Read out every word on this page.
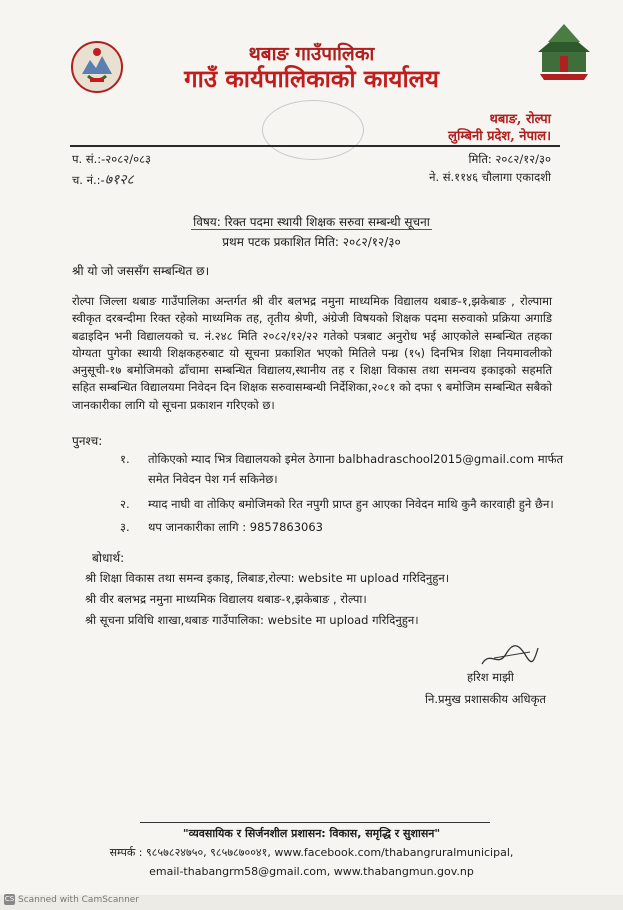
थबाङ गाउँपालिका
गाउँ कार्यपालिकाको कार्यालय
थबाङ, रोल्पा
लुम्बिनी प्रदेश, नेपाल।
प. सं.:-२०८२/०८३
च. नं.:-७१२८
मिति: २०८२/१२/३०
ने. सं.११४६ चौलागा एकादशी
विषय: रिक्त पदमा स्थायी शिक्षक सरुवा सम्बन्धी सूचना
प्रथम पटक प्रकाशित मिति: २०८२/१२/३०
श्री यो जो जससँग सम्बन्धित छ।
रोल्पा जिल्ला थबाङ गाउँपालिका अन्तर्गत श्री वीर बलभद्र नमुना माध्यमिक विद्यालय थबाङ-१,झकेबाङ , रोल्पामा स्वीकृत दरबन्दीमा रिक्त रहेको माध्यमिक तह, तृतीय श्रेणी, अंग्रेजी विषयको शिक्षक पदमा सरुवाको प्रक्रिया अगाडि बढाइदिन भनी विद्यालयको च. नं.२४८ मिति २०८२/१२/२२ गतेको पत्रबाट अनुरोध भई आएकोले सम्बन्धित तहका योग्यता पुगेका स्थायी शिक्षकहरुबाट यो सूचना प्रकाशित भएको मितिले पन्ध्र (१५) दिनभित्र शिक्षा नियमावलीको अनुसूची-१७ बमोजिमको ढाँचामा सम्बन्धित विद्यालय,स्थानीय तह र शिक्षा विकास तथा समन्वय इकाइको सहमति सहित सम्बन्धित विद्यालयमा निवेदन दिन शिक्षक सरुवासम्बन्धी निर्देशिका,२०८१ को दफा ९ बमोजिम सम्बन्धित सबैको जानकारीका लागि यो सूचना प्रकाशन गरिएको छ।
पुनश्च:
१. तोकिएको म्याद भित्र विद्यालयको इमेल ठेगाना balbhadraschool2015@gmail.com मार्फत
समेत निवेदन पेश गर्न सकिनेछ।
२. म्याद नाघी वा तोकिए बमोजिमको रित नपुगी प्राप्त हुन आएका निवेदन माथि कुनै कारवाही हुने छैन।
३. थप जानकारीका लागि : 9857863063
बोधार्थ:
श्री शिक्षा विकास तथा समन्व इकाइ, लिबाङ,रोल्पा: website मा upload गरिदिनुहुन।
श्री वीर बलभद्र नमुना माध्यमिक विद्यालय थबाङ-१,झकेबाङ , रोल्पा।
श्री सूचना प्रविधि शाखा,थबाङ गाउँपालिका: website मा upload गरिदिनुहुन।
हरिश माझी
नि.प्रमुख प्रशासकीय अधिकृत
"व्यवसायिक र सिर्जनशील प्रशासन: विकास, समृद्धि र सुशासन"
सम्पर्क : ९८५७८२४७५०, ९८५७८७००४१, www.facebook.com/thabangruralmunicipal,
email-thabangrm58@gmail.com, www.thabangmun.gov.np
CS Scanned with CamScanner
